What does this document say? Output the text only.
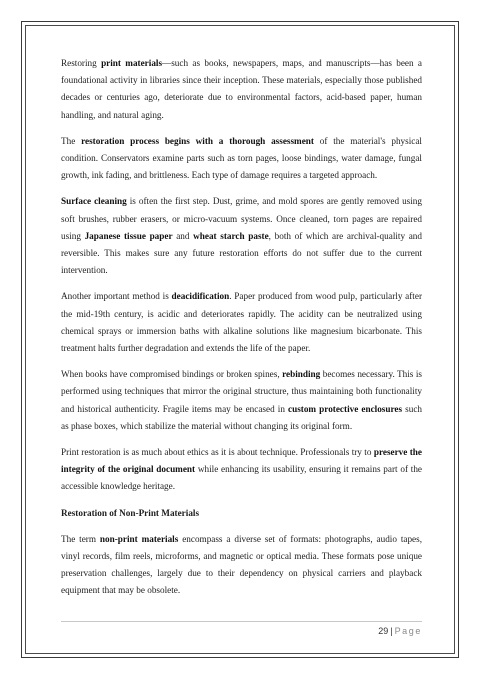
Restoring print materials—such as books, newspapers, maps, and manuscripts—has been a foundational activity in libraries since their inception. These materials, especially those published decades or centuries ago, deteriorate due to environmental factors, acid-based paper, human handling, and natural aging.

The restoration process begins with a thorough assessment of the material's physical condition. Conservators examine parts such as torn pages, loose bindings, water damage, fungal growth, ink fading, and brittleness. Each type of damage requires a targeted approach.

Surface cleaning is often the first step. Dust, grime, and mold spores are gently removed using soft brushes, rubber erasers, or micro-vacuum systems. Once cleaned, torn pages are repaired using Japanese tissue paper and wheat starch paste, both of which are archival-quality and reversible. This makes sure any future restoration efforts do not suffer due to the current intervention.

Another important method is deacidification. Paper produced from wood pulp, particularly after the mid-19th century, is acidic and deteriorates rapidly. The acidity can be neutralized using chemical sprays or immersion baths with alkaline solutions like magnesium bicarbonate. This treatment halts further degradation and extends the life of the paper.

When books have compromised bindings or broken spines, rebinding becomes necessary. This is performed using techniques that mirror the original structure, thus maintaining both functionality and historical authenticity. Fragile items may be encased in custom protective enclosures such as phase boxes, which stabilize the material without changing its original form.

Print restoration is as much about ethics as it is about technique. Professionals try to preserve the integrity of the original document while enhancing its usability, ensuring it remains part of the accessible knowledge heritage.

Restoration of Non-Print Materials

The term non-print materials encompass a diverse set of formats: photographs, audio tapes, vinyl records, film reels, microforms, and magnetic or optical media. These formats pose unique preservation challenges, largely due to their dependency on physical carriers and playback equipment that may be obsolete.

29 | Page
